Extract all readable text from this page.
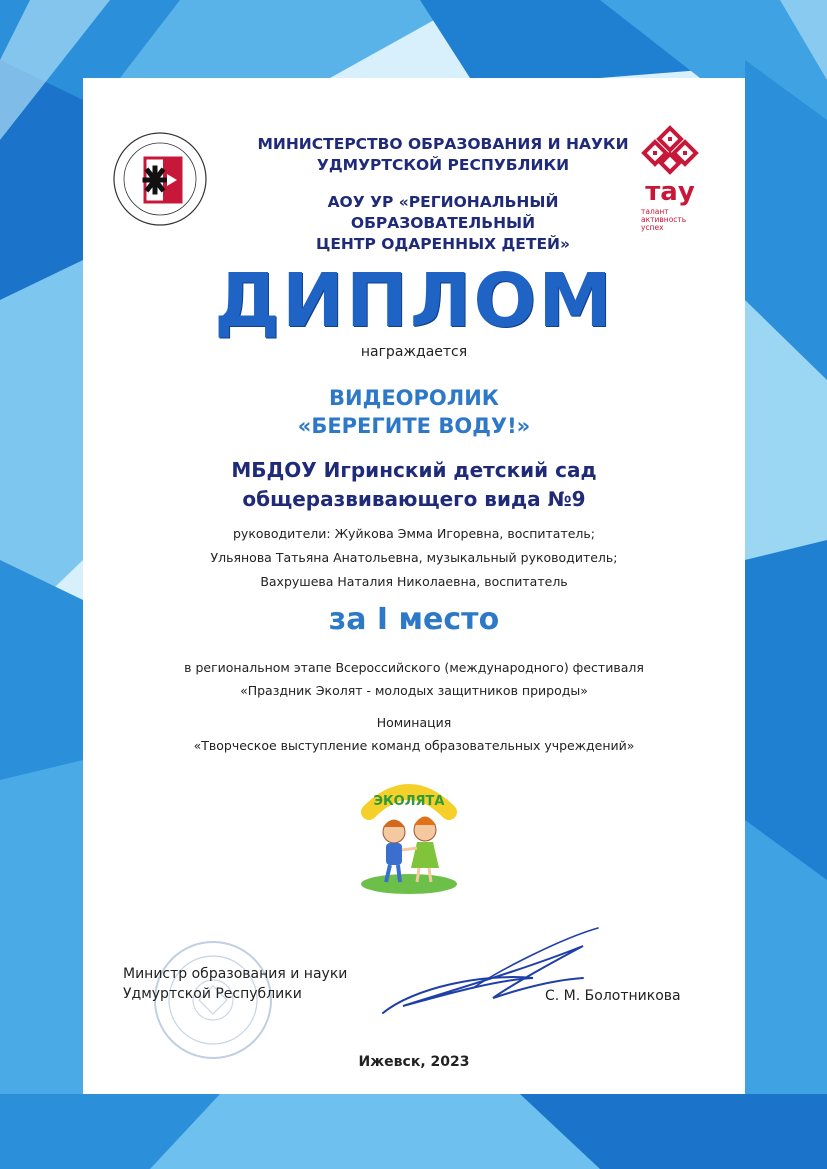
МИНИСТЕРСТВО ОБРАЗОВАНИЯ И НАУКИ
УДМУРТСКОЙ РЕСПУБЛИКИ
АОУ УР «РЕГИОНАЛЬНЫЙ ОБРАЗОВАТЕЛЬНЫЙ
ЦЕНТР ОДАРЕННЫХ ДЕТЕЙ»
тау
талант
активность
успех
ДИПЛОМ
награждается
ВИДЕОРОЛИК
«БЕРЕГИТЕ ВОДУ!»
МБДОУ Игринский детский сад
общеразвивающего вида №9
руководители: Жуйкова Эмма Игоревна, воспитатель;
Ульянова Татьяна Анатольевна, музыкальный руководитель;
Вахрушева Наталия Николаевна, воспитатель
за I место
в региональном этапе Всероссийского (международного) фестиваля
«Праздник Эколят - молодых защитников природы»
Номинация
«Творческое выступление команд образовательных учреждений»
ЭКОЛЯТА
Министр образования и науки
Удмуртской Республики	С. М. Болотникова
Ижевск, 2023
